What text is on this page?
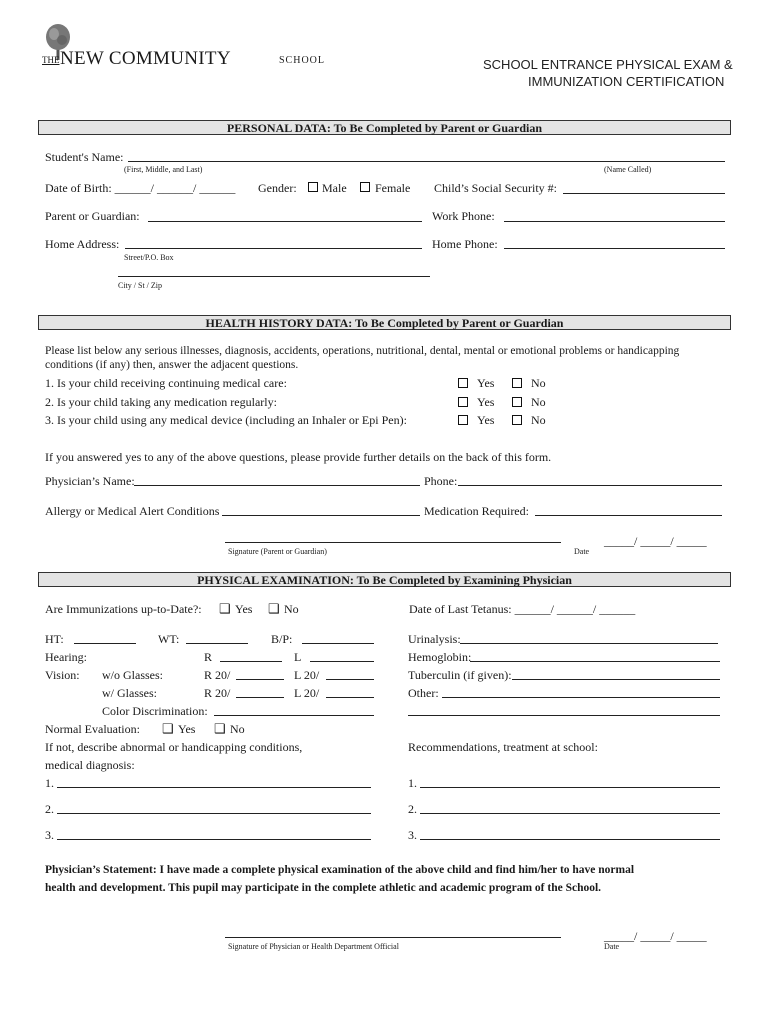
THE NEW COMMUNITY	SCHOOL	SCHOOL ENTRANCE PHYSICAL EXAM &
IMMUNIZATION CERTIFICATION
PERSONAL DATA: To Be Completed by Parent or Guardian
Student's Name:
(First, Middle, and Last)	(Name Called)
Date of Birth: ______/ ______/ ______ Gender: Male Female Child’s Social Security #:
Parent or Guardian:	Work Phone:
Home Address:	Home Phone:
Street/P.O. Box
City / St / Zip
HEALTH HISTORY DATA: To Be Completed by Parent or Guardian
Please list below any serious illnesses, diagnosis, accidents, operations, nutritional, dental, mental or emotional problems or handicapping
conditions (if any) then, answer the adjacent questions.
1. Is your child receiving continuing medical care:	Yes	No
2. Is your child taking any medication regularly:	Yes	No
3. Is your child using any medical device (including an Inhaler or Epi Pen):	Yes	No
If you answered yes to any of the above questions, please provide further details on the back of this form.
Physician’s Name:	Phone:
Allergy or Medical Alert Conditions	Medication Required:
_____/ _____/ _____
Signature (Parent or Guardian)	Date
PHYSICAL EXAMINATION: To Be Completed by Examining Physician
Are Immunizations up-to-Date?: ❑ Yes ❑ No	Date of Last Tetanus: ______/ ______/ ______
HT:	WT:	B/P:	Urinalysis:
Hearing:	R	L	Hemoglobin:
Vision: w/o Glasses:	R 20/	L 20/	Tuberculin (if given):
w/ Glasses:	R 20/	L 20/	Other:
Color Discrimination:
Normal Evaluation: ❑ Yes ❑ No
If not, describe abnormal or handicapping conditions,
medical diagnosis:
Recommendations, treatment at school:
1.	1.
2.	2.
3.	3.
Physician’s Statement: I have made a complete physical examination of the above child and find him/her to have normal
health and development. This pupil may participate in the complete athletic and academic program of the School.
_____/ _____/ _____
Signature of Physician or Health Department Official	Date
